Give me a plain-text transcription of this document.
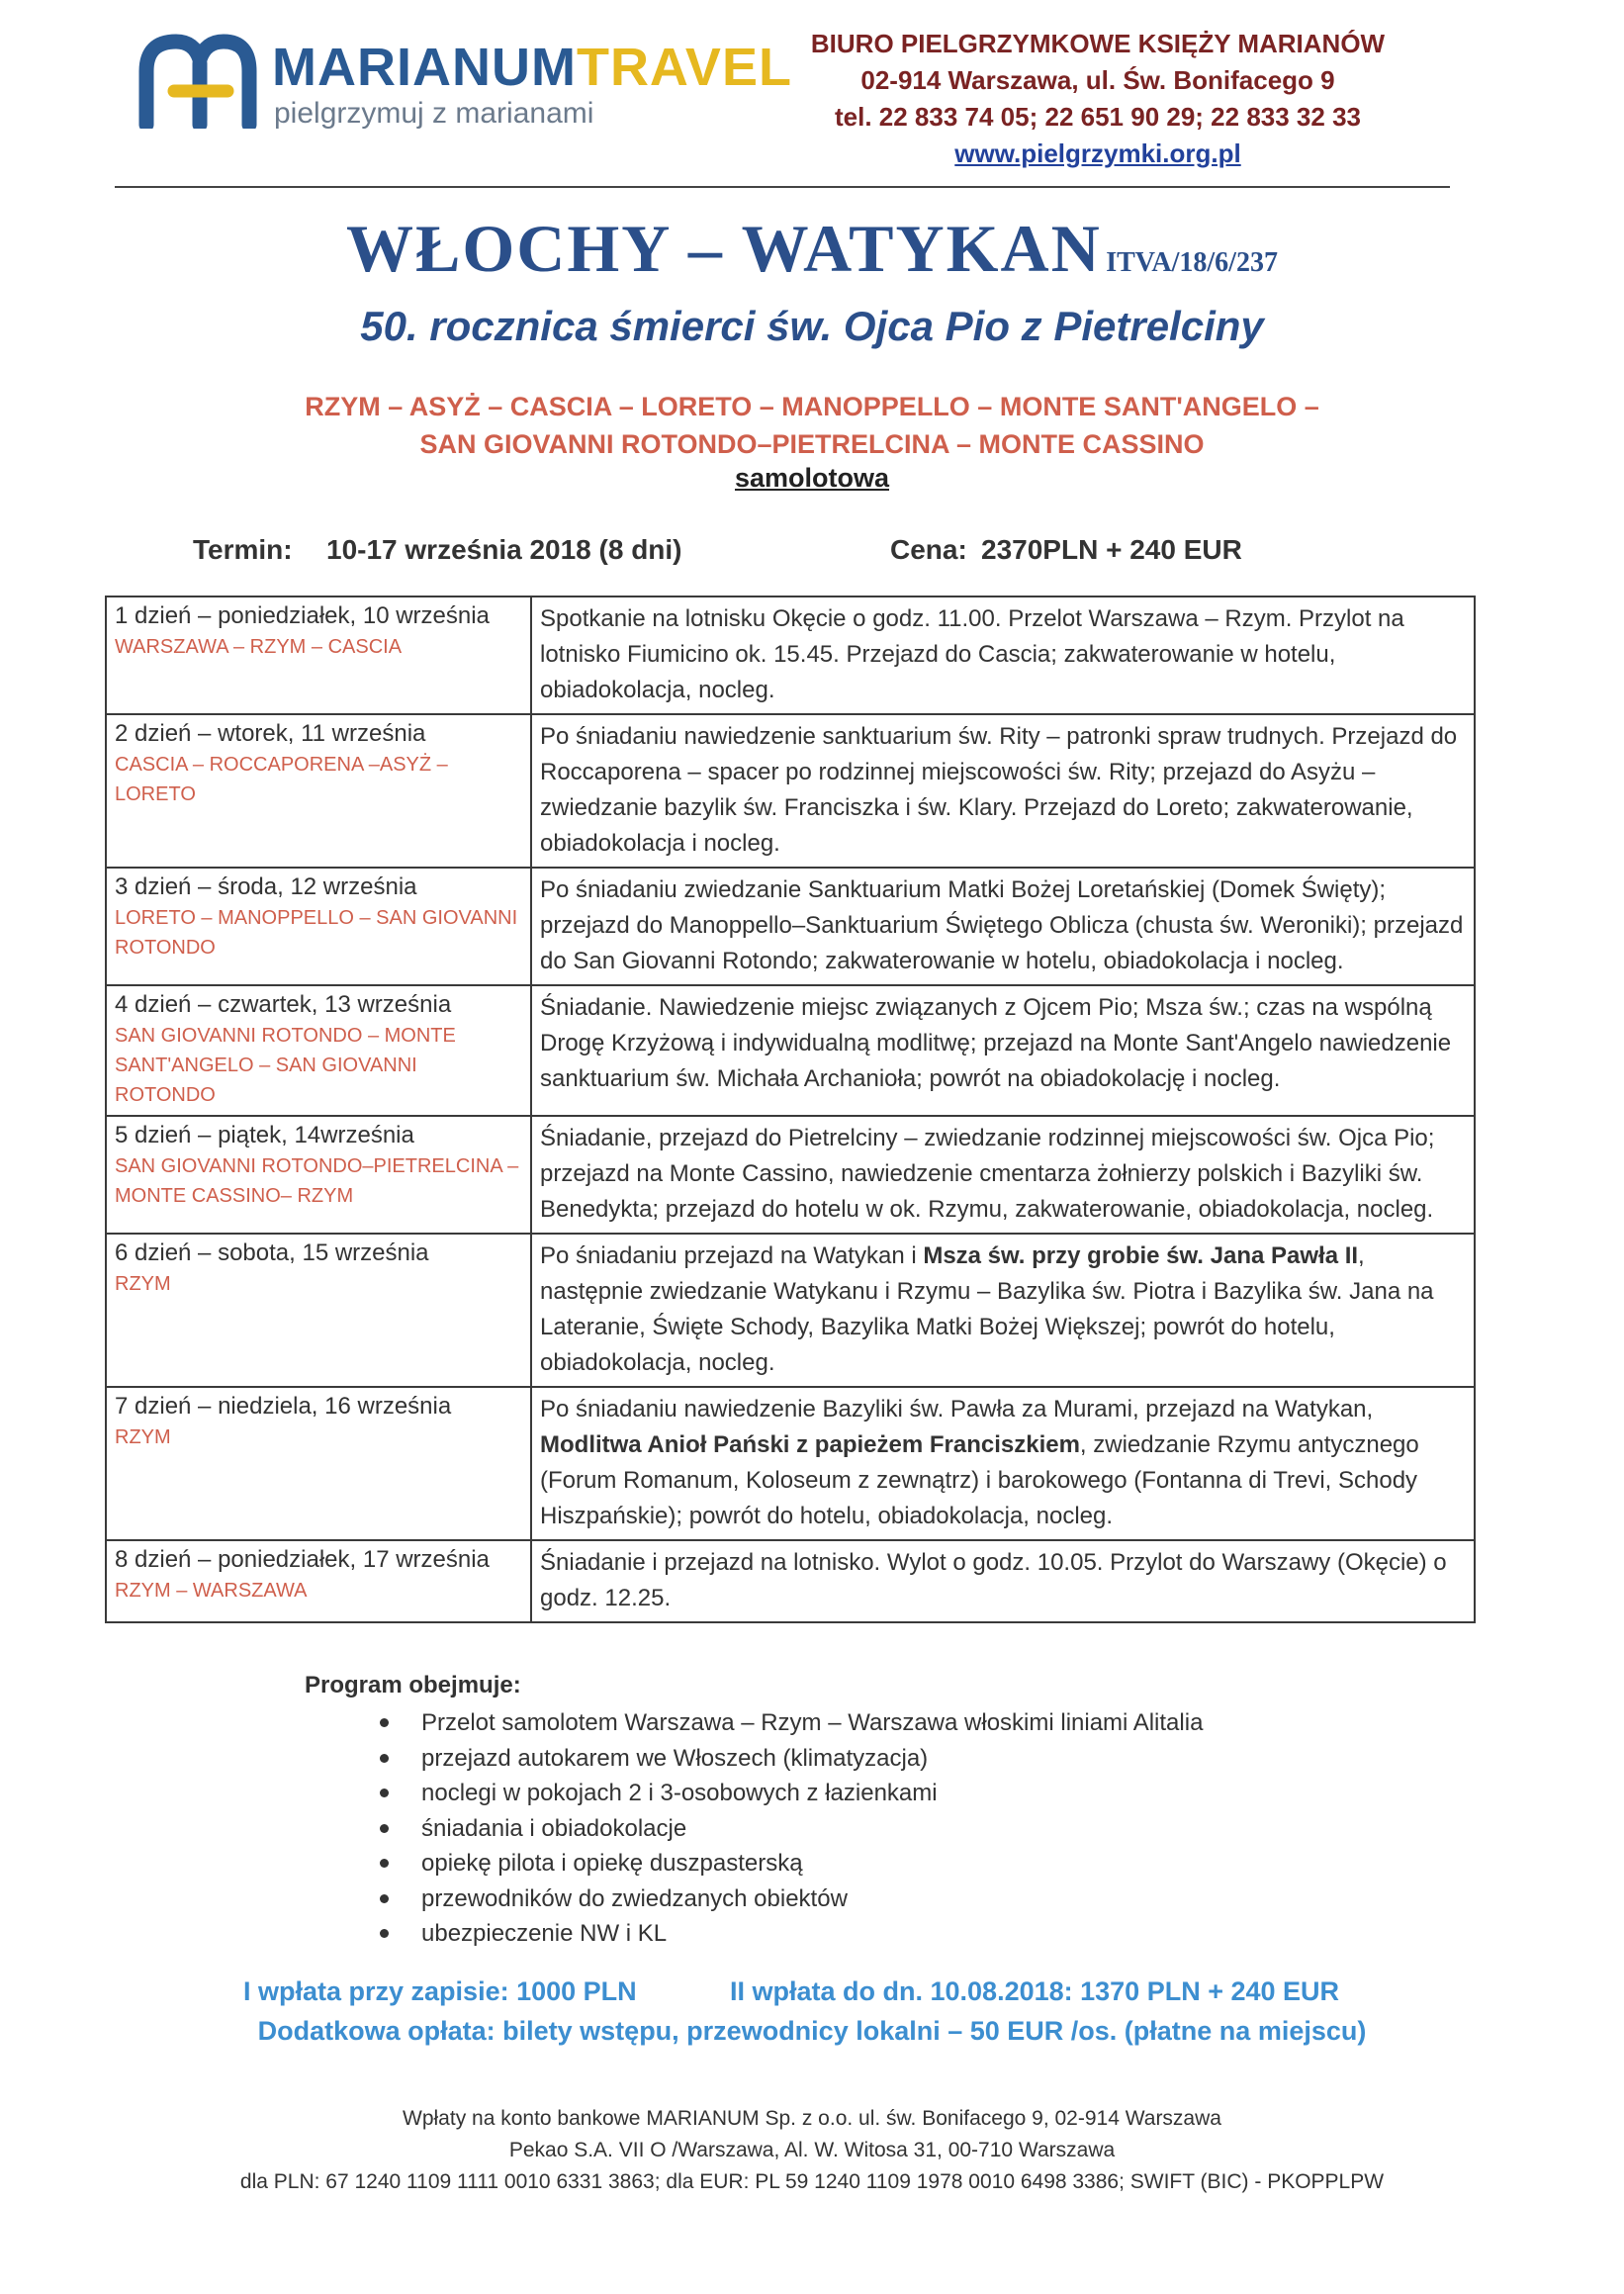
MARIANUMTRAVEL
pielgrzymuj z marianami
BIURO PIELGRZYMKOWE KSIĘŻY MARIANÓW
02-914 Warszawa, ul. Św. Bonifacego 9
tel. 22 833 74 05; 22 651 90 29; 22 833 32 33
www.pielgrzymki.org.pl
WŁOCHY – WATYKAN ITVA/18/6/237
50. rocznica śmierci św. Ojca Pio z Pietrelciny
RZYM – ASYŻ – CASCIA – LORETO – MANOPPELLO – MONTE SANT'ANGELO –
SAN GIOVANNI ROTONDO–PIETRELCINA – MONTE CASSINO
samolotowa
Termin: 10-17 września 2018 (8 dni)	Cena: 2370PLN + 240 EUR
1 dzień – poniedziałek, 10 września
WARSZAWA – RZYM – CASCIA	Spotkanie na lotnisku Okęcie o godz. 11.00. Przelot Warszawa – Rzym. Przylot na lotnisko Fiumicino ok. 15.45. Przejazd do Cascia; zakwaterowanie w hotelu, obiadokolacja, nocleg.

2 dzień – wtorek, 11 września
CASCIA – ROCCAPORENA –ASYŻ – LORETO	Po śniadaniu nawiedzenie sanktuarium św. Rity – patronki spraw trudnych. Przejazd do Roccaporena – spacer po rodzinnej miejscowości św. Rity; przejazd do Asyżu – zwiedzanie bazylik św. Franciszka i św. Klary. Przejazd do Loreto; zakwaterowanie, obiadokolacja i nocleg.

3 dzień – środa, 12 września
LORETO – MANOPPELLO – SAN GIOVANNI ROTONDO	Po śniadaniu zwiedzanie Sanktuarium Matki Bożej Loretańskiej (Domek Święty); przejazd do Manoppello–Sanktuarium Świętego Oblicza (chusta św. Weroniki); przejazd do San Giovanni Rotondo; zakwaterowanie w hotelu, obiadokolacja i nocleg.

4 dzień – czwartek, 13 września
SAN GIOVANNI ROTONDO – MONTE SANT'ANGELO – SAN GIOVANNI ROTONDO	Śniadanie. Nawiedzenie miejsc związanych z Ojcem Pio; Msza św.; czas na wspólną Drogę Krzyżową i indywidualną modlitwę; przejazd na Monte Sant'Angelo nawiedzenie sanktuarium św. Michała Archanioła; powrót na obiadokolację i nocleg.

5 dzień – piątek, 14września
SAN GIOVANNI ROTONDO–PIETRELCINA – MONTE CASSINO– RZYM	Śniadanie, przejazd do Pietrelciny – zwiedzanie rodzinnej miejscowości św. Ojca Pio; przejazd na Monte Cassino, nawiedzenie cmentarza żołnierzy polskich i Bazyliki św. Benedykta; przejazd do hotelu w ok. Rzymu, zakwaterowanie, obiadokolacja, nocleg.

6 dzień – sobota, 15 września
RZYM	Po śniadaniu przejazd na Watykan i Msza św. przy grobie św. Jana Pawła II, następnie zwiedzanie Watykanu i Rzymu – Bazylika św. Piotra i Bazylika św. Jana na Lateranie, Święte Schody, Bazylika Matki Bożej Większej; powrót do hotelu, obiadokolacja, nocleg.

7 dzień – niedziela, 16 września
RZYM	Po śniadaniu nawiedzenie Bazyliki św. Pawła za Murami, przejazd na Watykan, Modlitwa Anioł Pański z papieżem Franciszkiem, zwiedzanie Rzymu antycznego (Forum Romanum, Koloseum z zewnątrz) i barokowego (Fontanna di Trevi, Schody Hiszpańskie); powrót do hotelu, obiadokolacja, nocleg.

8 dzień – poniedziałek, 17 września
RZYM – WARSZAWA	Śniadanie i przejazd na lotnisko. Wylot o godz. 10.05. Przylot do Warszawy (Okęcie) o godz. 12.25.
Program obejmuje:
Przelot samolotem Warszawa – Rzym – Warszawa włoskimi liniami Alitalia
przejazd autokarem we Włoszech (klimatyzacja)
noclegi w pokojach 2 i 3-osobowych z łazienkami
śniadania i obiadokolacje
opiekę pilota i opiekę duszpasterską
przewodników do zwiedzanych obiektów
ubezpieczenie NW i KL
I wpłata przy zapisie: 1000 PLN	II wpłata do dn. 10.08.2018: 1370 PLN + 240 EUR
Dodatkowa opłata: bilety wstępu, przewodnicy lokalni – 50 EUR /os. (płatne na miejscu)
Wpłaty na konto bankowe MARIANUM Sp. z o.o. ul. św. Bonifacego 9, 02-914 Warszawa
Pekao S.A. VII O /Warszawa, Al. W. Witosa 31, 00-710 Warszawa
dla PLN: 67 1240 1109 1111 0010 6331 3863; dla EUR: PL 59 1240 1109 1978 0010 6498 3386; SWIFT (BIC) - PKOPPLPW
